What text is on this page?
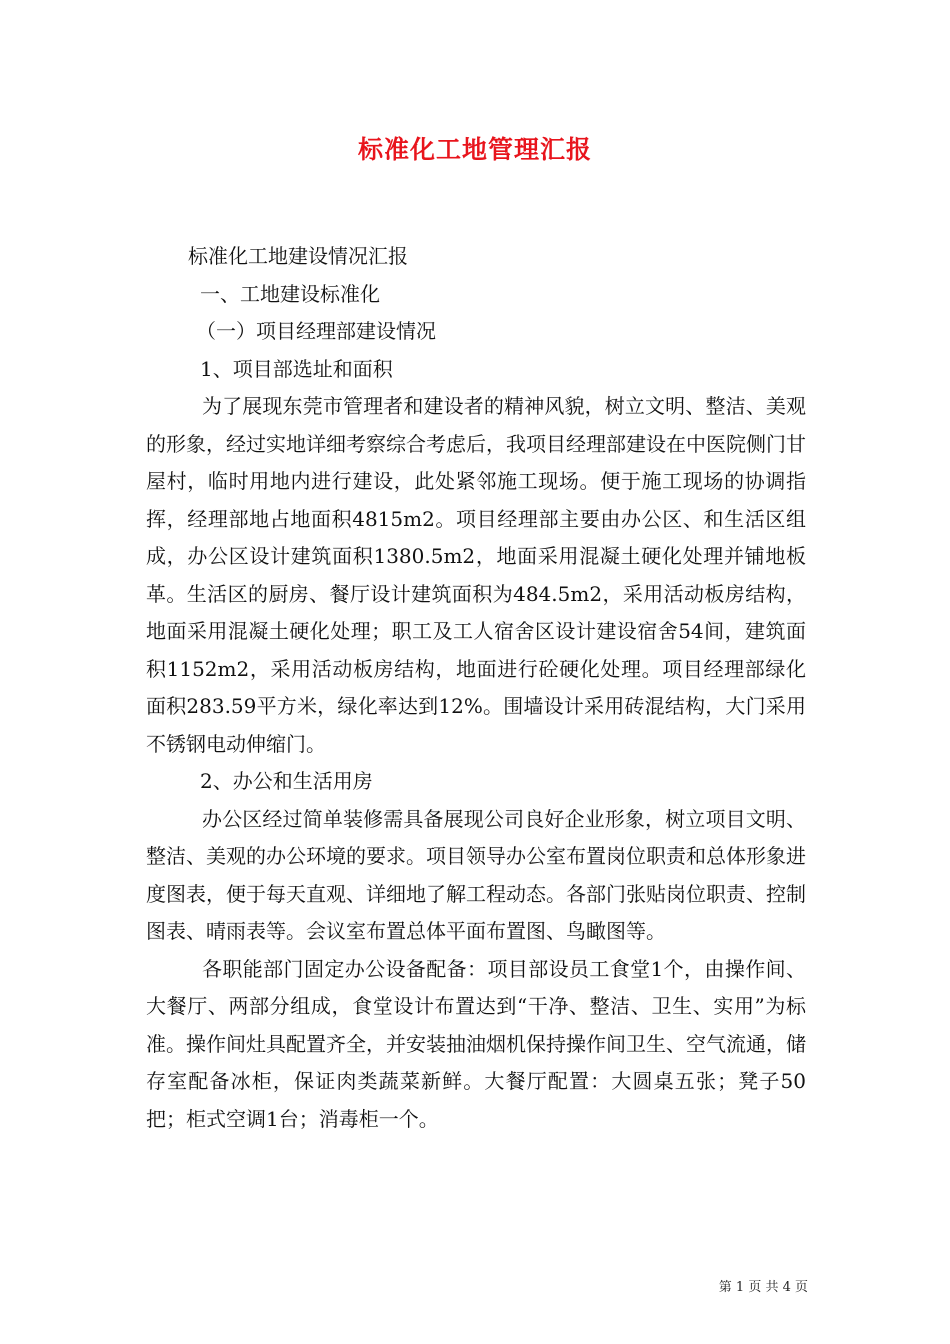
标准化工地管理汇报

标准化工地建设情况汇报

一、工地建设标准化

（一）项目经理部建设情况

1、项目部选址和面积

为了展现东莞市管理者和建设者的精神风貌，树立文明、整洁、美观的形象，经过实地详细考察综合考虑后，我项目经理部建设在中医院侧门甘屋村，临时用地内进行建设，此处紧邻施工现场。便于施工现场的协调指挥，经理部地占地面积4815m2。项目经理部主要由办公区、和生活区组成，办公区设计建筑面积1380.5m2，地面采用混凝土硬化处理并铺地板革。生活区的厨房、餐厅设计建筑面积为484.5m2，采用活动板房结构，地面采用混凝土硬化处理；职工及工人宿舍区设计建设宿舍54间，建筑面积1152m2，采用活动板房结构，地面进行砼硬化处理。项目经理部绿化面积283.59平方米，绿化率达到12%。围墙设计采用砖混结构，大门采用不锈钢电动伸缩门。

2、办公和生活用房

办公区经过简单装修需具备展现公司良好企业形象，树立项目文明、整洁、美观的办公环境的要求。项目领导办公室布置岗位职责和总体形象进度图表，便于每天直观、详细地了解工程动态。各部门张贴岗位职责、控制图表、晴雨表等。会议室布置总体平面布置图、鸟瞰图等。

各职能部门固定办公设备配备：项目部设员工食堂1个，由操作间、大餐厅、两部分组成，食堂设计布置达到“干净、整洁、卫生、实用”为标准。操作间灶具配置齐全，并安装抽油烟机保持操作间卫生、空气流通，储存室配备冰柜，保证肉类蔬菜新鲜。大餐厅配置：大圆桌五张；凳子50把；柜式空调1台；消毒柜一个。

第 1 页 共 4 页
